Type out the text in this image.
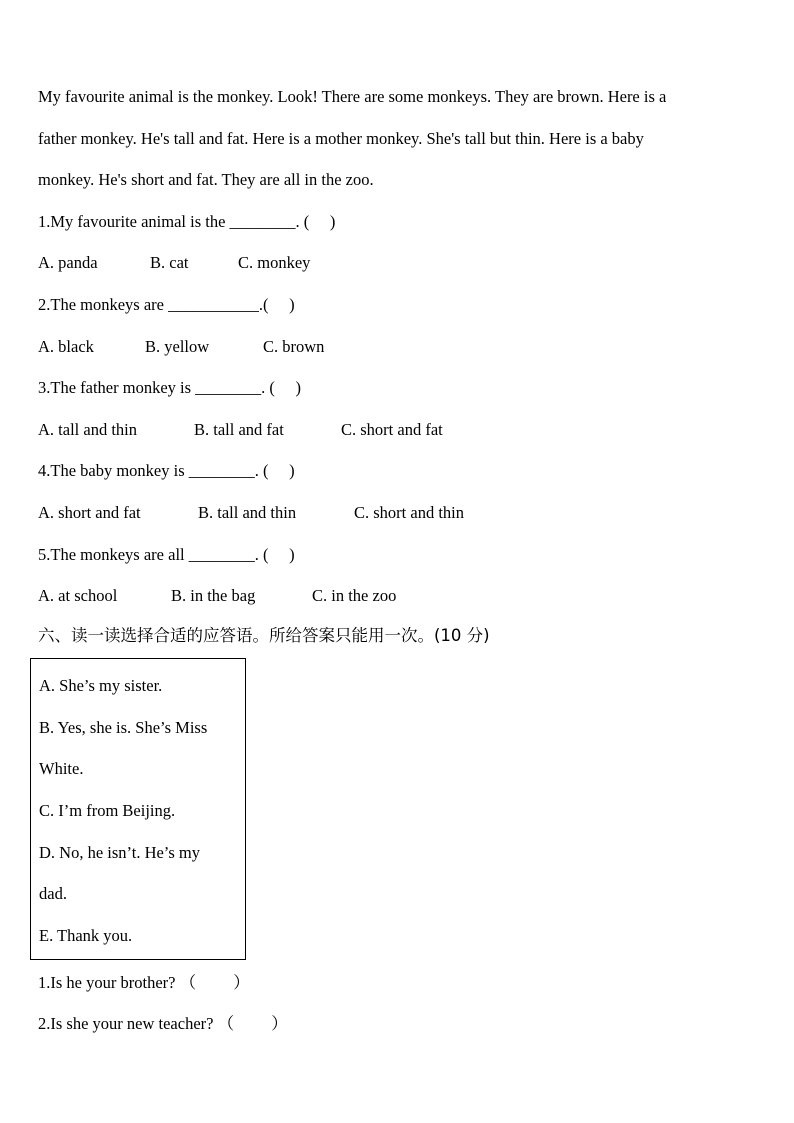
My favourite animal is the monkey. Look! There are some monkeys. They are brown. Here is a
father monkey. He's tall and fat. Here is a mother monkey. She's tall but thin. Here is a baby
monkey. He's short and fat. They are all in the zoo.
1.My favourite animal is the ________. (     )
A. panda	B. cat	C. monkey
2.The monkeys are ___________.(     )
A. black	B. yellow	C. brown
3.The father monkey is ________. (     )
A. tall and thin	B. tall and fat	C. short and fat
4.The baby monkey is ________. (     )
A. short and fat	B. tall and thin	C. short and thin
5.The monkeys are all ________. (     )
A. at school	B. in the bag	C. in the zoo
六、读一读选择合适的应答语。所给答案只能用一次。(10 分)
A. She’s my sister.
B. Yes, she is. She’s Miss
White.
C. I’m from Beijing.
D. No, he isn’t. He’s my
dad.
E. Thank you.
1.Is he your brother? （         ）
2.Is she your new teacher? （         ）
